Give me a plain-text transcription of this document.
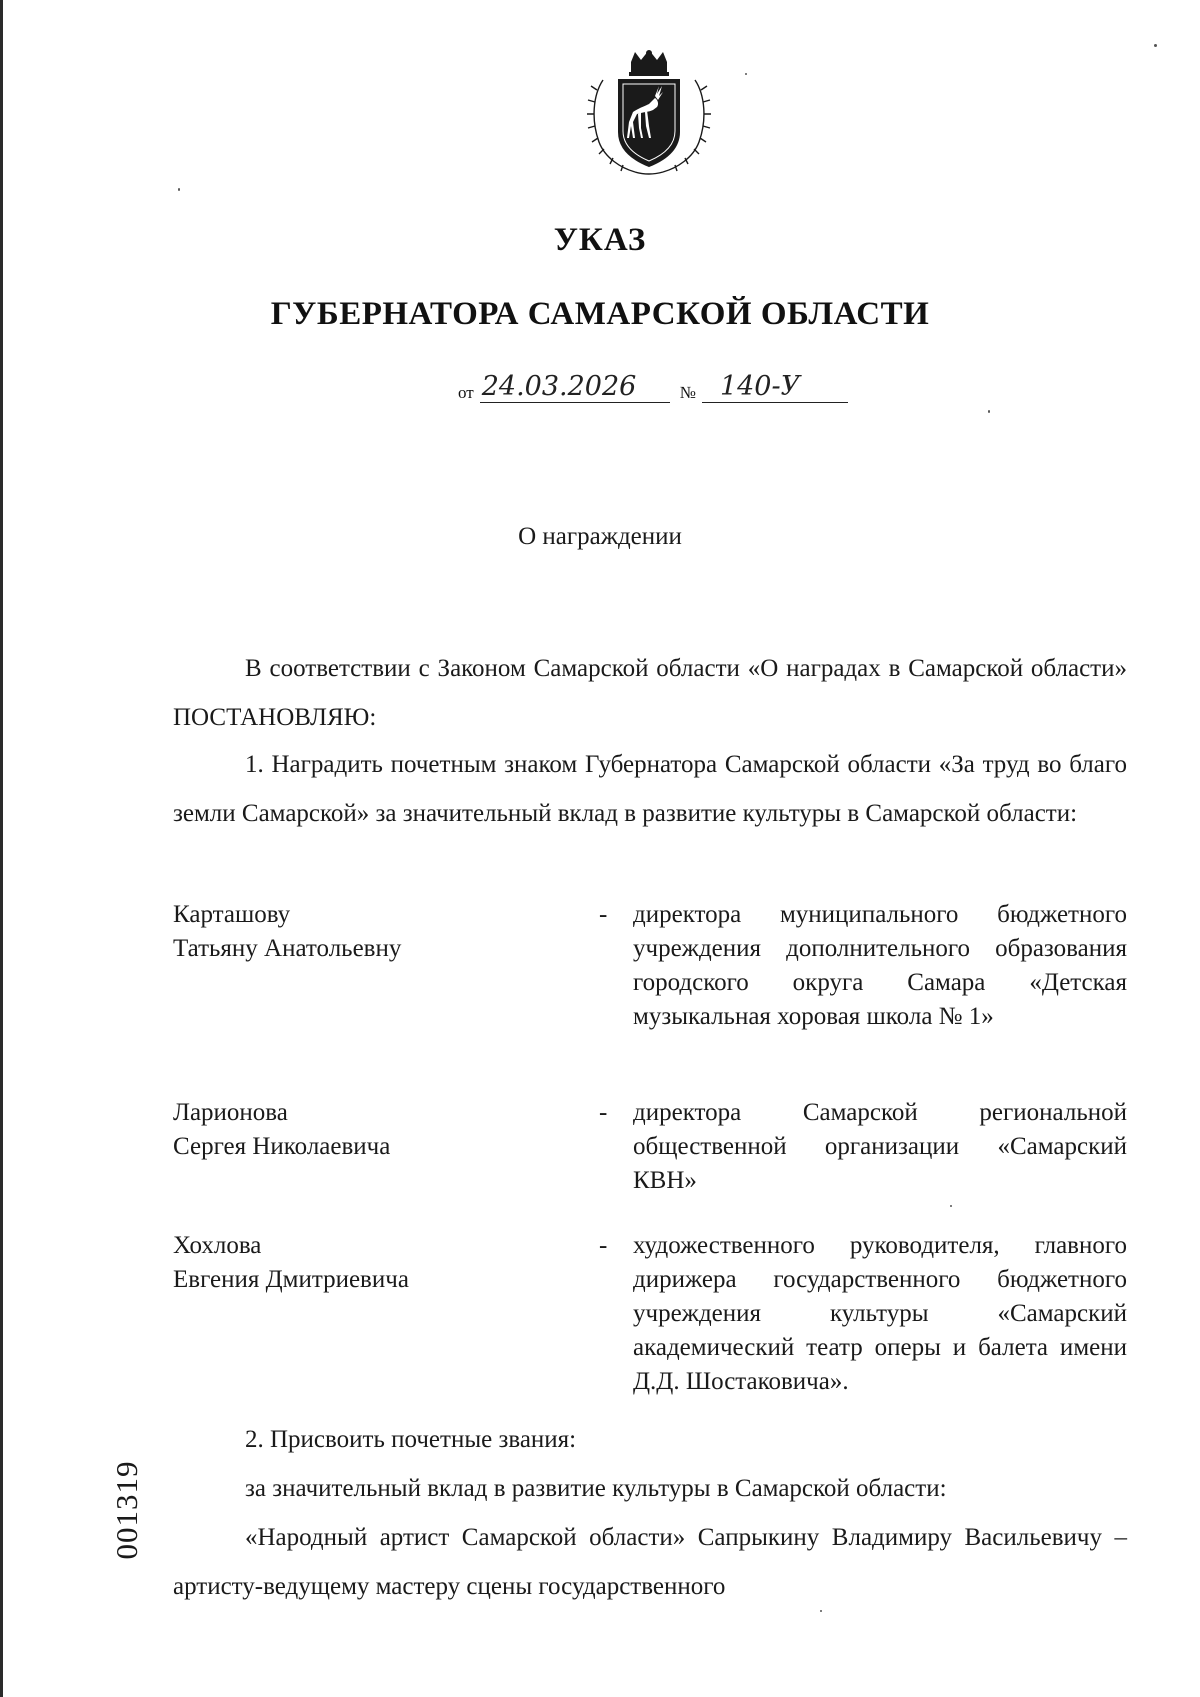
УКАЗ
ГУБЕРНАТОРА САМАРСКОЙ ОБЛАСТИ
от 24.03.2026	№ 140-У
О награждении

В соответствии с Законом Самарской области «О наградах в Самарской области» ПОСТАНОВЛЯЮ:

1. Наградить почетным знаком Губернатора Самарской области «За труд во благо земли Самарской» за значительный вклад в развитие культуры в Самарской области:

Карташову
Татьяну Анатольевну
- директора муниципального бюджетного учреждения дополнительного образования городского округа Самара «Детская музыкальная хоровая школа № 1»
Ларионова
Сергея Николаевича
- директора Самарской региональной общественной организации «Самарский КВН»
Хохлова
Евгения Дмитриевича
- художественного руководителя, главного дирижера государственного бюджетного учреждения культуры «Самарский академический театр оперы и балета имени Д.Д. Шостаковича».

2. Присвоить почетные звания:

за значительный вклад в развитие культуры в Самарской области:

«Народный артист Самарской области» Сапрыкину Владимиру Васильевичу – артисту-ведущему мастеру сцены государственного

001319
